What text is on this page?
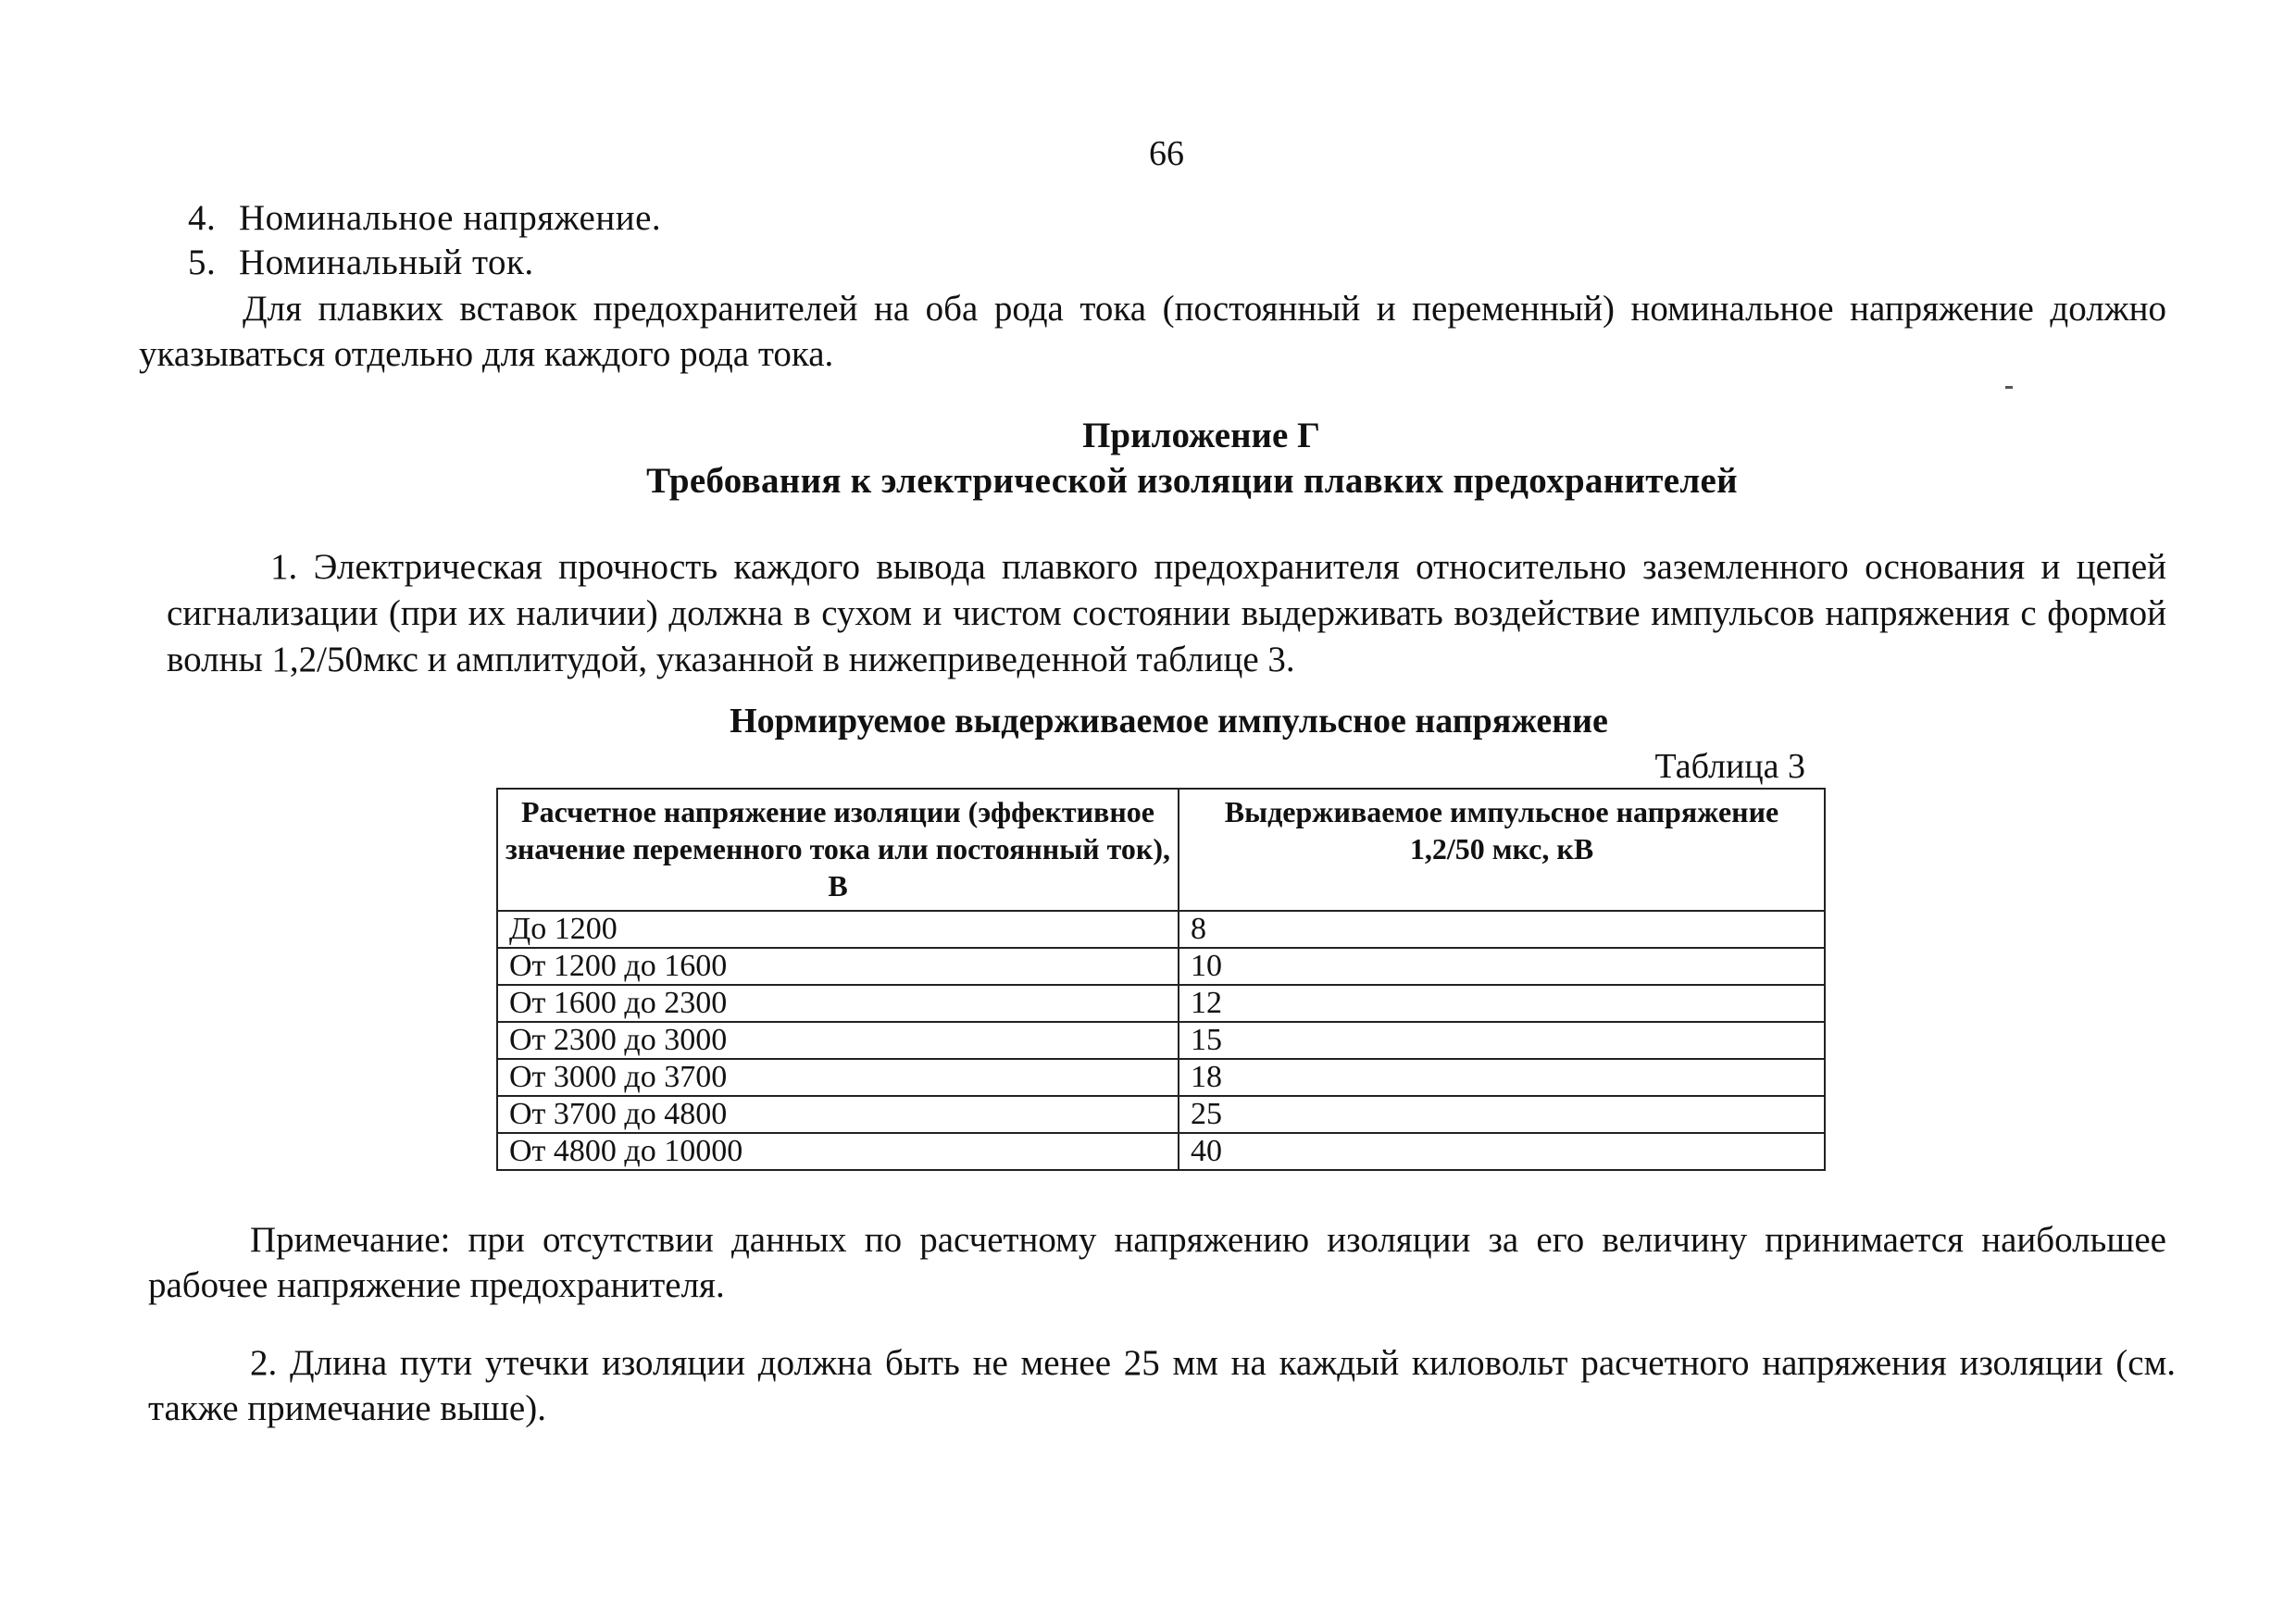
66
4. Номинальное напряжение.
5. Номинальный ток.

Для плавких вставок предохранителей на оба рода тока (постоянный и переменный) номинальное напряжение должно указываться отдельно для каждого рода тока.

Приложение Г
Требования к электрической изоляции плавких предохранителей

1. Электрическая прочность каждого вывода плавкого предохранителя относительно заземленного основания и цепей сигнализации (при их наличии) должна в сухом и чистом состоянии выдерживать воздействие импульсов напряжения с формой волны 1,2/50мкс и амплитудой, указанной в нижеприведенной таблице 3.

Нормируемое выдерживаемое импульсное напряжение
Таблица 3
Расчетное напряжение изоляции (эффективное значение переменного тока или постоянный ток), В	Выдерживаемое импульсное напряжение 1,2/50 мкс, кВ
До 1200	8
От 1200 до 1600	10
От 1600 до 2300	12
От 2300 до 3000	15
От 3000 до 3700	18
От 3700 до 4800	25
От 4800 до 10000	40

Примечание: при отсутствии данных по расчетному напряжению изоляции за его величину принимается наибольшее рабочее напряжение предохранителя.

2. Длина пути утечки изоляции должна быть не менее 25 мм на каждый киловольт расчетного напряжения изоляции (см. также примечание выше).
